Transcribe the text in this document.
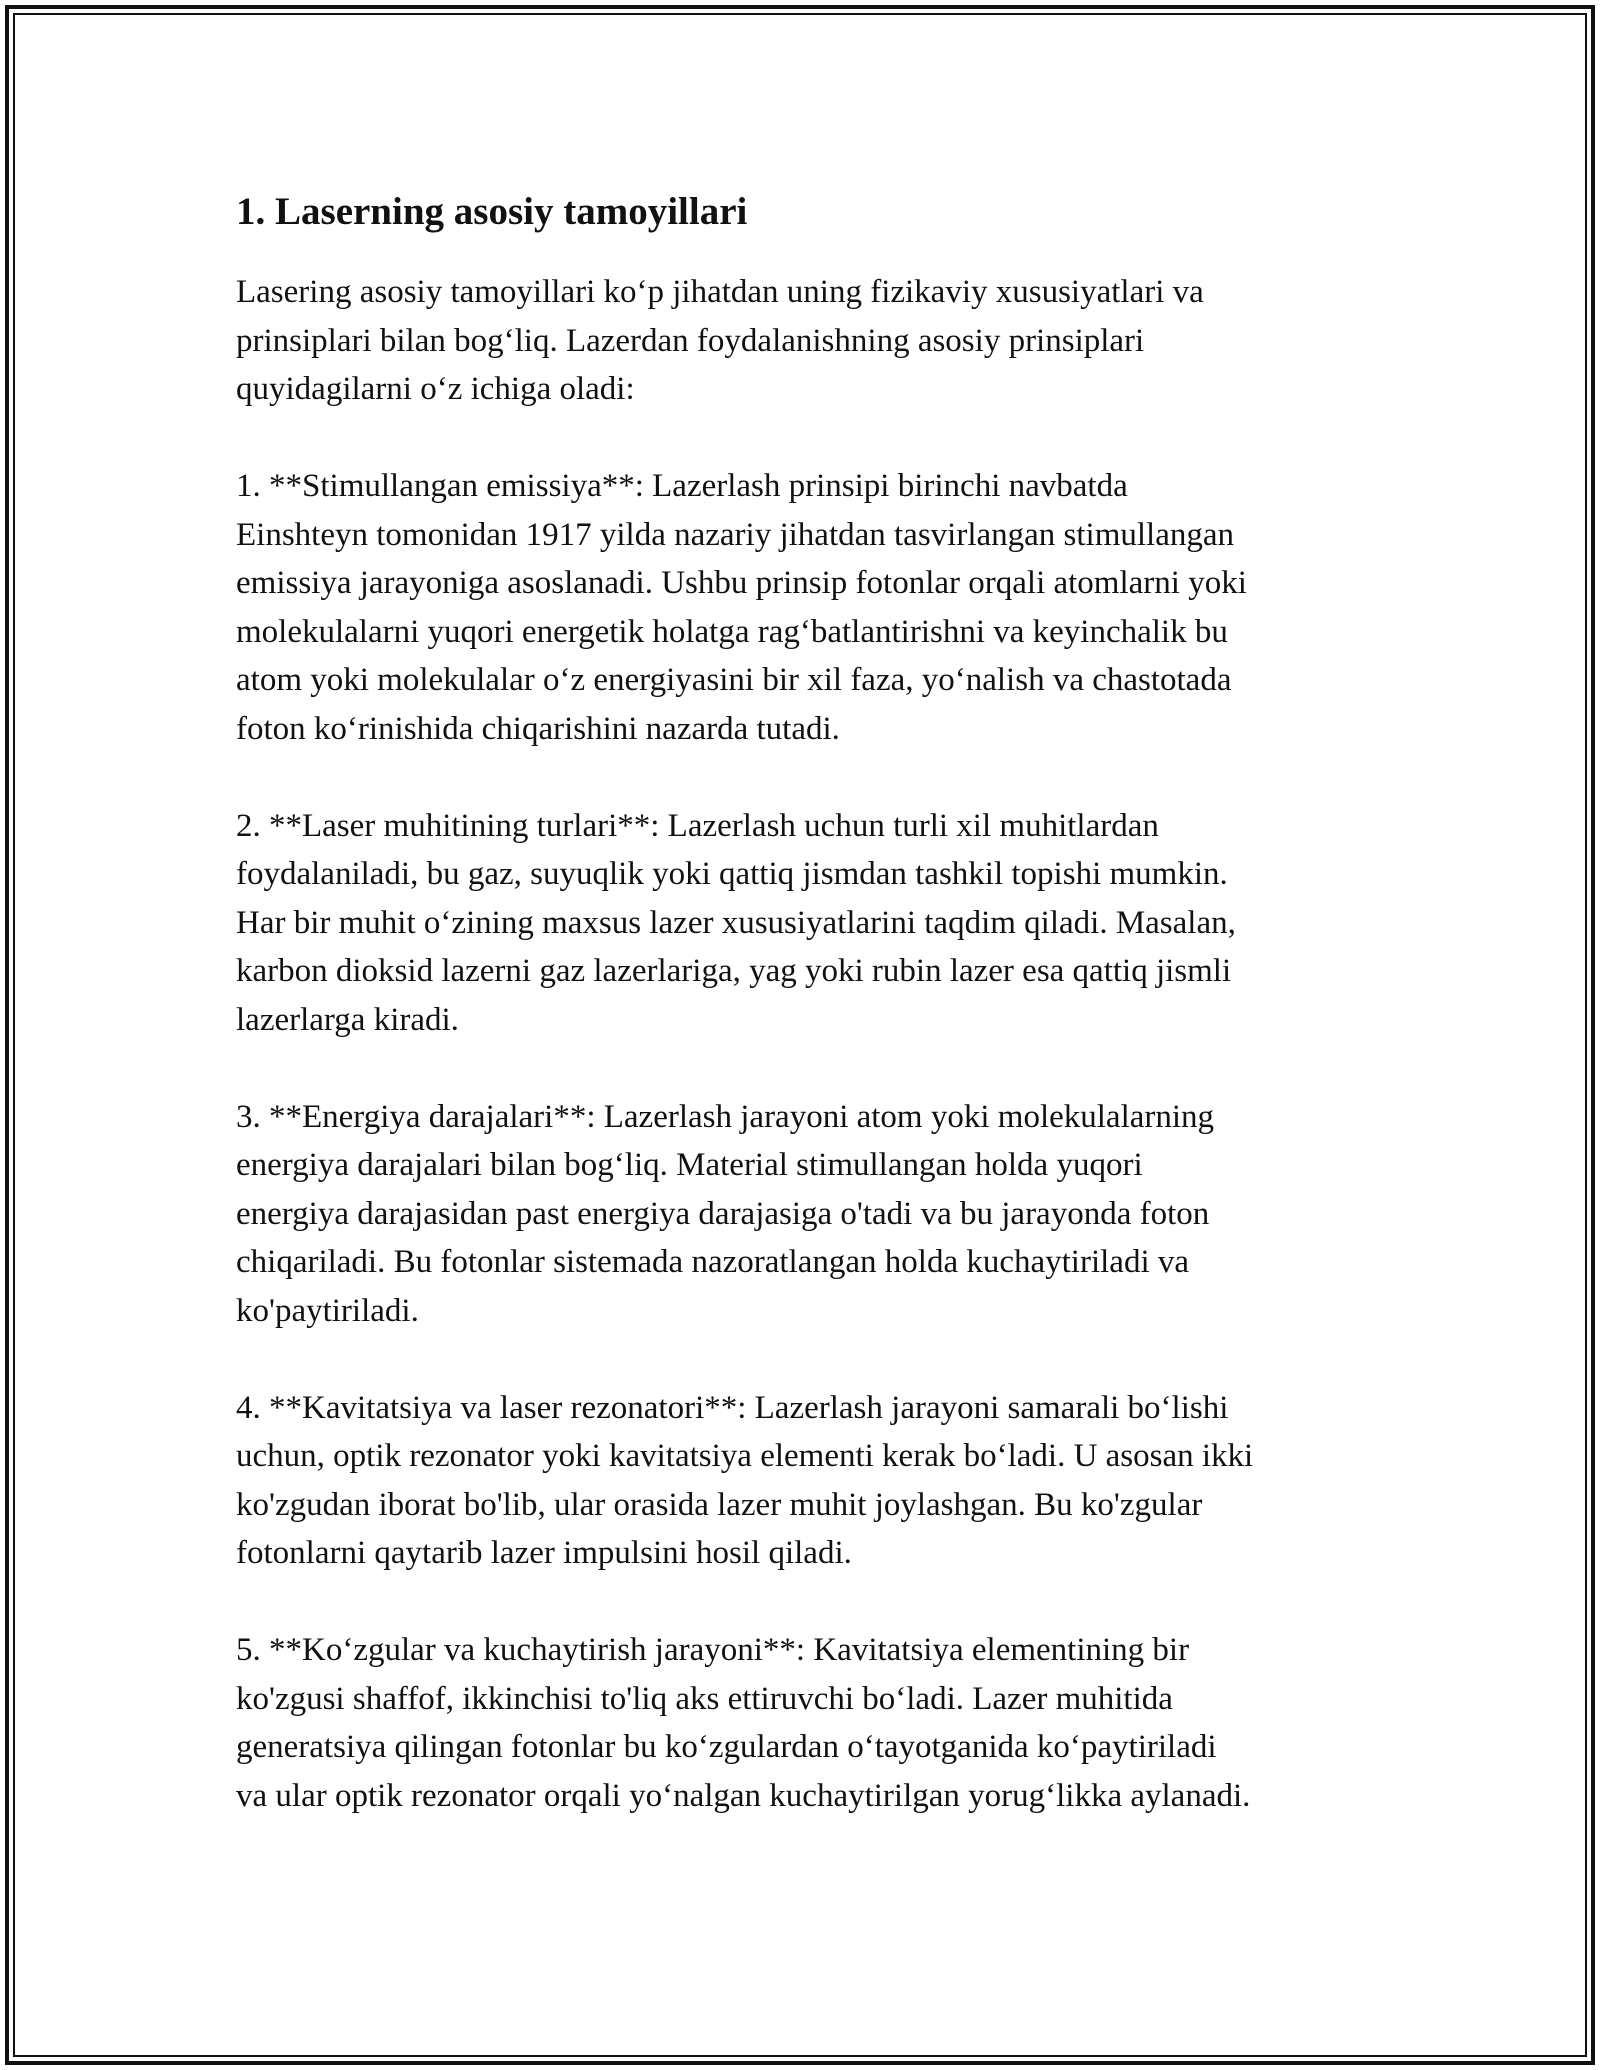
1. Laserning asosiy tamoyillari

Lasering asosiy tamoyillari ko‘p jihatdan uning fizikaviy xususiyatlari va
prinsiplari bilan bog‘liq. Lazerdan foydalanishning asosiy prinsiplari
quyidagilarni o‘z ichiga oladi:

1. **Stimullangan emissiya**: Lazerlash prinsipi birinchi navbatda
Einshteyn tomonidan 1917 yilda nazariy jihatdan tasvirlangan stimullangan
emissiya jarayoniga asoslanadi. Ushbu prinsip fotonlar orqali atomlarni yoki
molekulalarni yuqori energetik holatga rag‘batlantirishni va keyinchalik bu
atom yoki molekulalar o‘z energiyasini bir xil faza, yo‘nalish va chastotada
foton ko‘rinishida chiqarishini nazarda tutadi.

2. **Laser muhitining turlari**: Lazerlash uchun turli xil muhitlardan
foydalaniladi, bu gaz, suyuqlik yoki qattiq jismdan tashkil topishi mumkin.
Har bir muhit o‘zining maxsus lazer xususiyatlarini taqdim qiladi. Masalan,
karbon dioksid lazerni gaz lazerlariga, yag yoki rubin lazer esa qattiq jismli
lazerlarga kiradi.

3. **Energiya darajalari**: Lazerlash jarayoni atom yoki molekulalarning
energiya darajalari bilan bog‘liq. Material stimullangan holda yuqori
energiya darajasidan past energiya darajasiga o'tadi va bu jarayonda foton
chiqariladi. Bu fotonlar sistemada nazoratlangan holda kuchaytiriladi va
ko'paytiriladi.

4. **Kavitatsiya va laser rezonatori**: Lazerlash jarayoni samarali bo‘lishi
uchun, optik rezonator yoki kavitatsiya elementi kerak bo‘ladi. U asosan ikki
ko'zgudan iborat bo'lib, ular orasida lazer muhit joylashgan. Bu ko'zgular
fotonlarni qaytarib lazer impulsini hosil qiladi.

5. **Ko‘zgular va kuchaytirish jarayoni**: Kavitatsiya elementining bir
ko'zgusi shaffof, ikkinchisi to'liq aks ettiruvchi bo‘ladi. Lazer muhitida
generatsiya qilingan fotonlar bu ko‘zgulardan o‘tayotganida ko‘paytiriladi
va ular optik rezonator orqali yo‘nalgan kuchaytirilgan yorug‘likka aylanadi.
